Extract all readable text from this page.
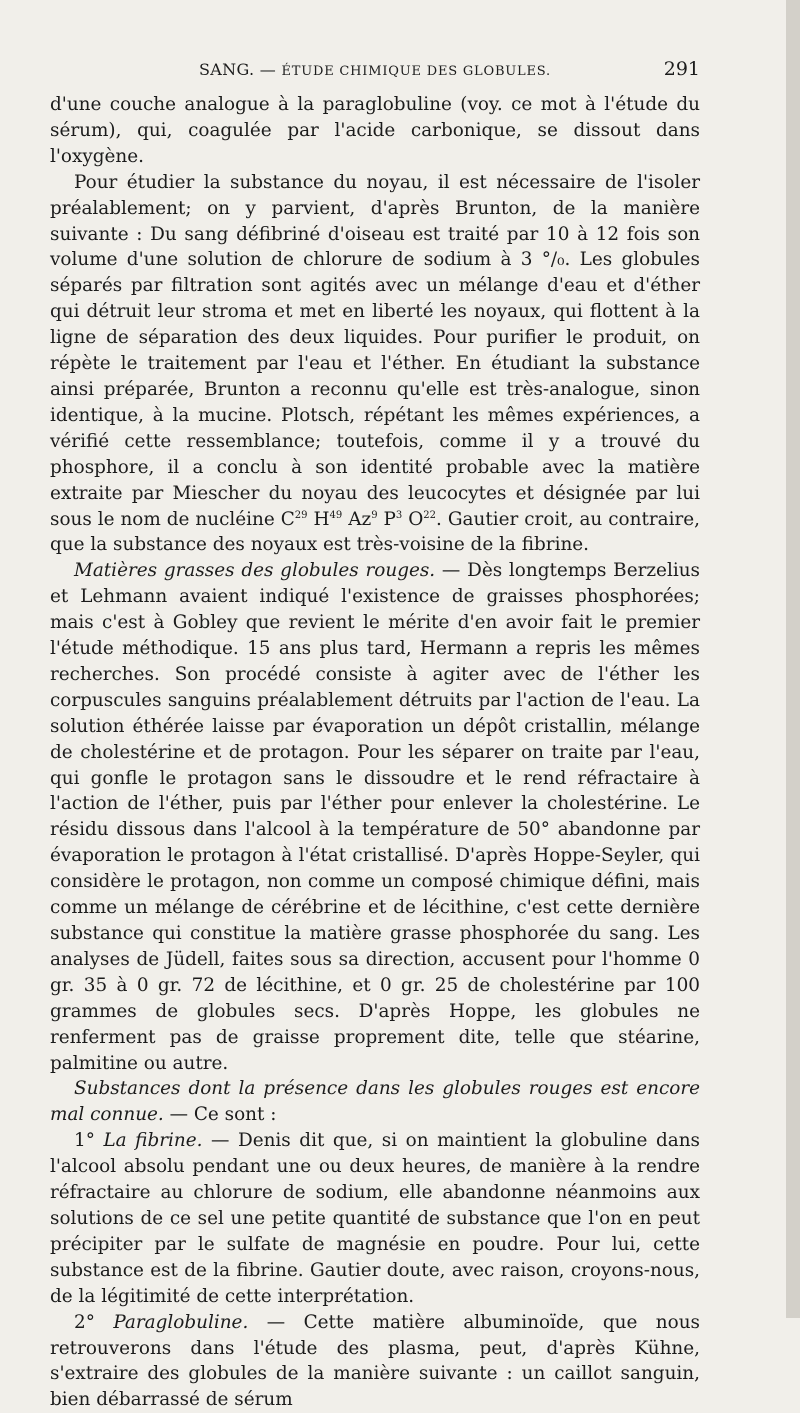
SANG. — ÉTUDE CHIMIQUE DES GLOBULES.	291

d'une couche analogue à la paraglobuline (voy. ce mot à l'étude du sérum), qui, coagulée par l'acide carbonique, se dissout dans l'oxygène.

Pour étudier la substance du noyau, il est nécessaire de l'isoler préalablement; on y parvient, d'après Brunton, de la manière suivante : Du sang défibriné d'oiseau est traité par 10 à 12 fois son volume d'une solution de chlorure de sodium à 3 °/₀. Les globules séparés par filtration sont agités avec un mélange d'eau et d'éther qui détruit leur stroma et met en liberté les noyaux, qui flottent à la ligne de séparation des deux liquides. Pour purifier le produit, on répète le traitement par l'eau et l'éther. En étudiant la substance ainsi préparée, Brunton a reconnu qu'elle est très-analogue, sinon identique, à la mucine. Plotsch, répétant les mêmes expériences, a vérifié cette ressemblance; toutefois, comme il y a trouvé du phosphore, il a conclu à son identité probable avec la matière extraite par Miescher du noyau des leucocytes et désignée par lui sous le nom de nucléine $C^{29}$ $H^{49}$ Az$^9$ $P^3$ $O^{22}$. Gautier croit, au contraire, que la substance des noyaux est très-voisine de la fibrine.

Matières grasses des globules rouges. — Dès longtemps Berzelius et Lehmann avaient indiqué l'existence de graisses phosphorées; mais c'est à Gobley que revient le mérite d'en avoir fait le premier l'étude méthodique. 15 ans plus tard, Hermann a repris les mêmes recherches. Son procédé consiste à agiter avec de l'éther les corpuscules sanguins préalablement détruits par l'action de l'eau. La solution éthérée laisse par évaporation un dépôt cristallin, mélange de cholestérine et de protagon. Pour les séparer on traite par l'eau, qui gonfle le protagon sans le dissoudre et le rend réfractaire à l'action de l'éther, puis par l'éther pour enlever la cholestérine. Le résidu dissous dans l'alcool à la température de 50° abandonne par évaporation le protagon à l'état cristallisé. D'après Hoppe-Seyler, qui considère le protagon, non comme un composé chimique défini, mais comme un mélange de cérébrine et de lécithine, c'est cette dernière substance qui constitue la matière grasse phosphorée du sang. Les analyses de Jüdell, faites sous sa direction, accusent pour l'homme 0 gr. 35 à 0 gr. 72 de lécithine, et 0 gr. 25 de cholestérine par 100 grammes de globules secs. D'après Hoppe, les globules ne renferment pas de graisse proprement dite, telle que stéarine, palmitine ou autre.

Substances dont la présence dans les globules rouges est encore mal connue. — Ce sont :

1° La fibrine. — Denis dit que, si on maintient la globuline dans l'alcool absolu pendant une ou deux heures, de manière à la rendre réfractaire au chlorure de sodium, elle abandonne néanmoins aux solutions de ce sel une petite quantité de substance que l'on en peut précipiter par le sulfate de magnésie en poudre. Pour lui, cette substance est de la fibrine. Gautier doute, avec raison, croyons-nous, de la légitimité de cette interprétation.

2° Paraglobuline. — Cette matière albuminoïde, que nous retrouverons dans l'étude des plasma, peut, d'après Kühne, s'extraire des globules de la manière suivante : un caillot sanguin, bien débarrassé de sérum
